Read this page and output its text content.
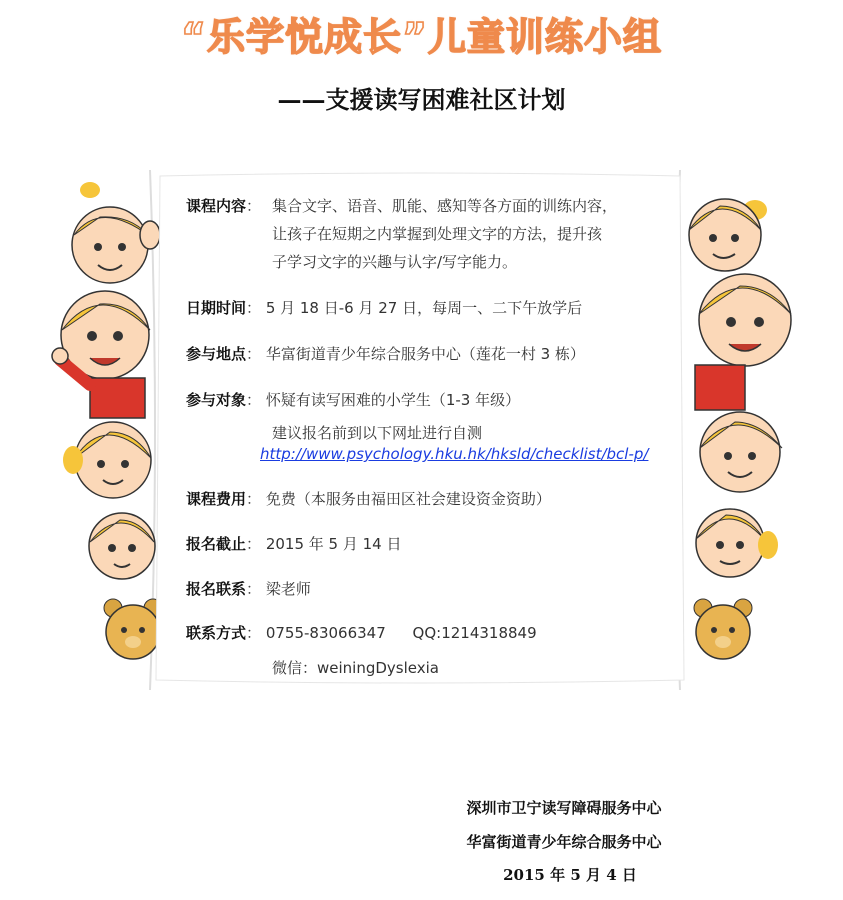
“乐学悦成长”儿童训练小组
——支援读写困难社区计划
课程内容： 集合文字、语音、肌能、感知等各方面的训练内容，
让孩子在短期之内掌握到处理文字的方法，提升孩
子学习文字的兴趣与认字/写字能力。
日期时间： 5 月 18 日-6 月 27 日，每周一、二下午放学后
参与地点： 华富街道青少年综合服务中心（莲花一村 3 栋）
参与对象： 怀疑有读写困难的小学生（1-3 年级）
建议报名前到以下网址进行自测
http://www.psychology.hku.hk/hksld/checklist/bcl-p/
课程费用： 免费（本服务由福田区社会建设资金资助）
报名截止： 2015 年 5 月 14 日
报名联系： 梁老师
联系方式： 0755-83066347 QQ:1214318849
微信：weiningDyslexia
深圳市卫宁读写障碍服务中心
华富街道青少年综合服务中心
2015 年 5 月 4 日
